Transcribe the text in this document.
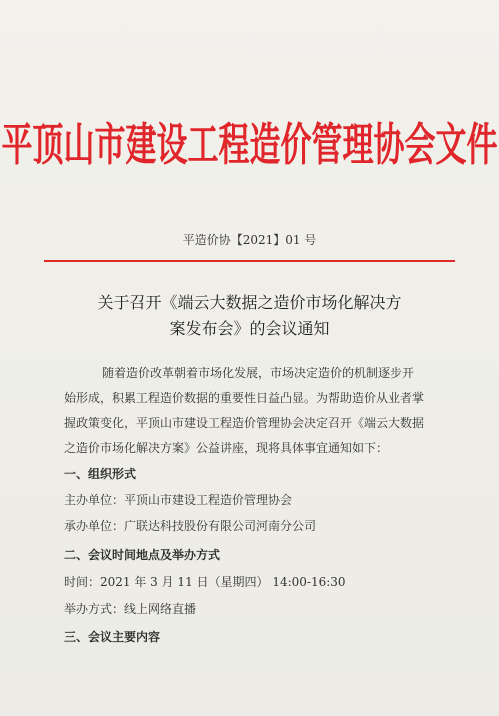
平顶山市建设工程造价管理协会文件
平造价协【2021】01 号
关于召开《端云大数据之造价市场化解决方
案发布会》的会议通知
随着造价改革朝着市场化发展，市场决定造价的机制逐步开
始形成，积累工程造价数据的重要性日益凸显。为帮助造价从业者掌
握政策变化，平顶山市建设工程造价管理协会决定召开《端云大数据
之造价市场化解决方案》公益讲座，现将具体事宜通知如下：
一、组织形式
主办单位：平顶山市建设工程造价管理协会
承办单位：广联达科技股份有限公司河南分公司
二、会议时间地点及举办方式
时间：2021 年 3 月 11 日（星期四） 14:00-16:30
举办方式：线上网络直播
三、会议主要内容
